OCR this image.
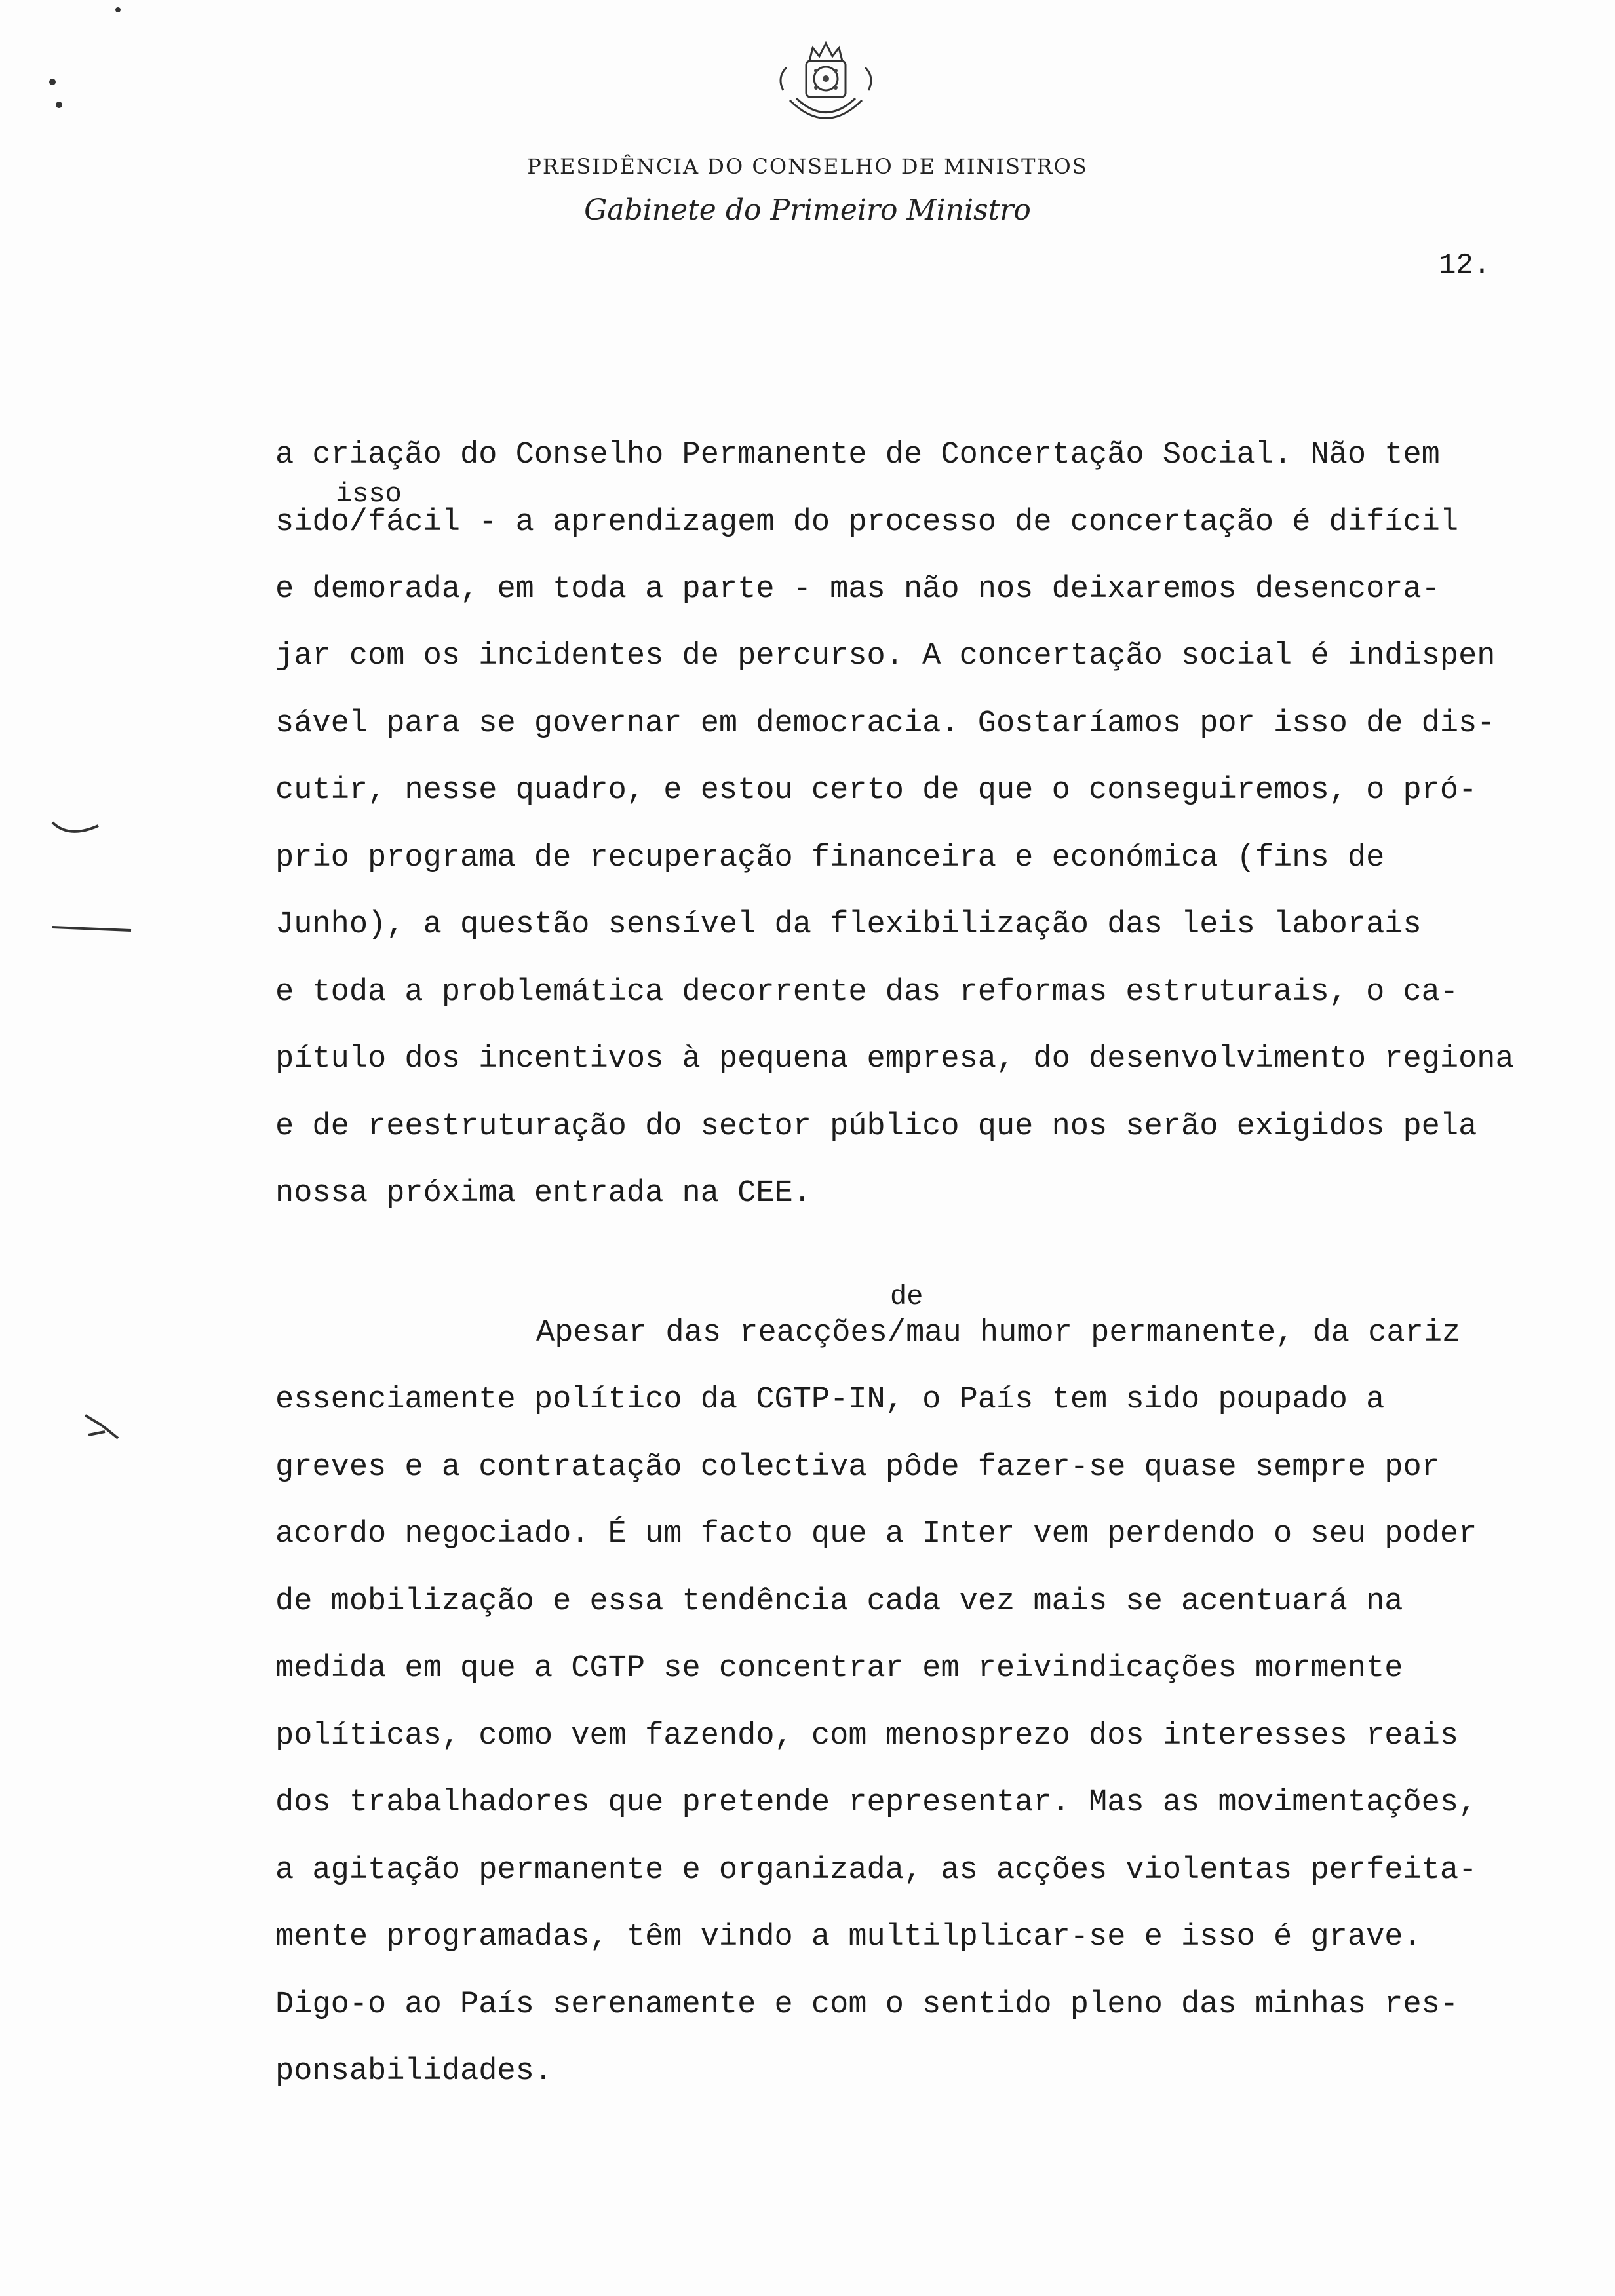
PRESIDÊNCIA DO CONSELHO DE MINISTROS
Gabinete do Primeiro Ministro
12.
isso
a criação do Conselho Permanente de Concertação Social. Não tem
sido/fácil - a aprendizagem do processo de concertação é difícil
e demorada, em toda a parte - mas não nos deixaremos desencora-
jar com os incidentes de percurso. A concertação social é indispen
sável para se governar em democracia. Gostaríamos por isso de dis-
cutir, nesse quadro, e estou certo de que o conseguiremos, o pró-
prio programa de recuperação financeira e económica (fins de
Junho), a questão sensível da flexibilização das leis laborais
e toda a problemática decorrente das reformas estruturais, o ca-
pítulo dos incentivos à pequena empresa, do desenvolvimento regiona
e de reestruturação do sector público que nos serão exigidos pela
nossa próxima entrada na CEE.
de
Apesar das reacções/mau humor permanente, da cariz
essenciamente político da CGTP-IN, o País tem sido poupado a
greves e a contratação colectiva pôde fazer-se quase sempre por
acordo negociado. É um facto que a Inter vem perdendo o seu poder
de mobilização e essa tendência cada vez mais se acentuará na
medida em que a CGTP se concentrar em reivindicações mormente
políticas, como vem fazendo, com menosprezo dos interesses reais
dos trabalhadores que pretende representar. Mas as movimentações,
a agitação permanente e organizada, as acções violentas perfeita-
mente programadas, têm vindo a multilplicar-se e isso é grave.
Digo-o ao País serenamente e com o sentido pleno das minhas res-
ponsabilidades.
